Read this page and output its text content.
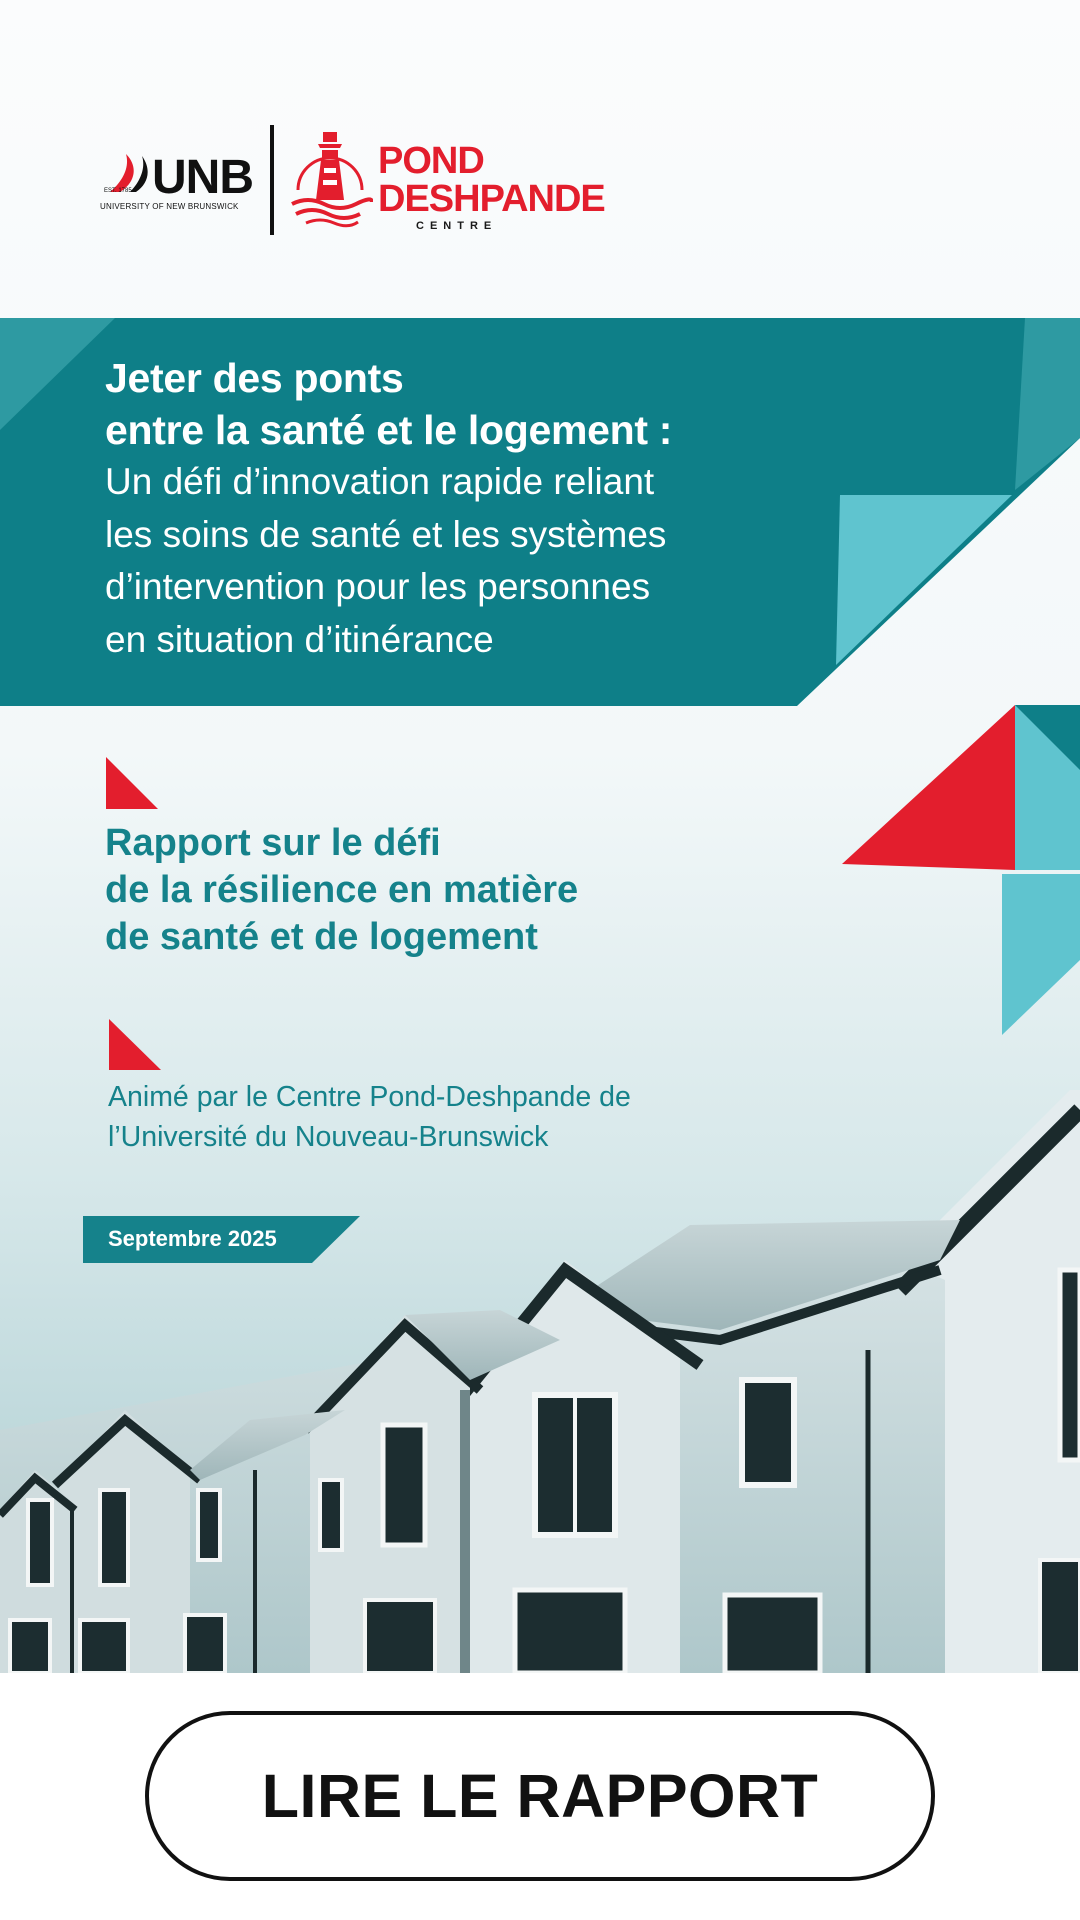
UNB
EST. 1785
UNIVERSITY OF NEW BRUNSWICK
POND
DESHPANDE
CENTRE
Jeter des ponts
entre la santé et le logement :
Un défi d’innovation rapide reliant
les soins de santé et les systèmes
d’intervention pour les personnes
en situation d’itinérance
Rapport sur le défi
de la résilience en matière
de santé et de logement
Animé par le Centre Pond-Deshpande de
l’Université du Nouveau-Brunswick
Septembre 2025
LIRE LE RAPPORT
